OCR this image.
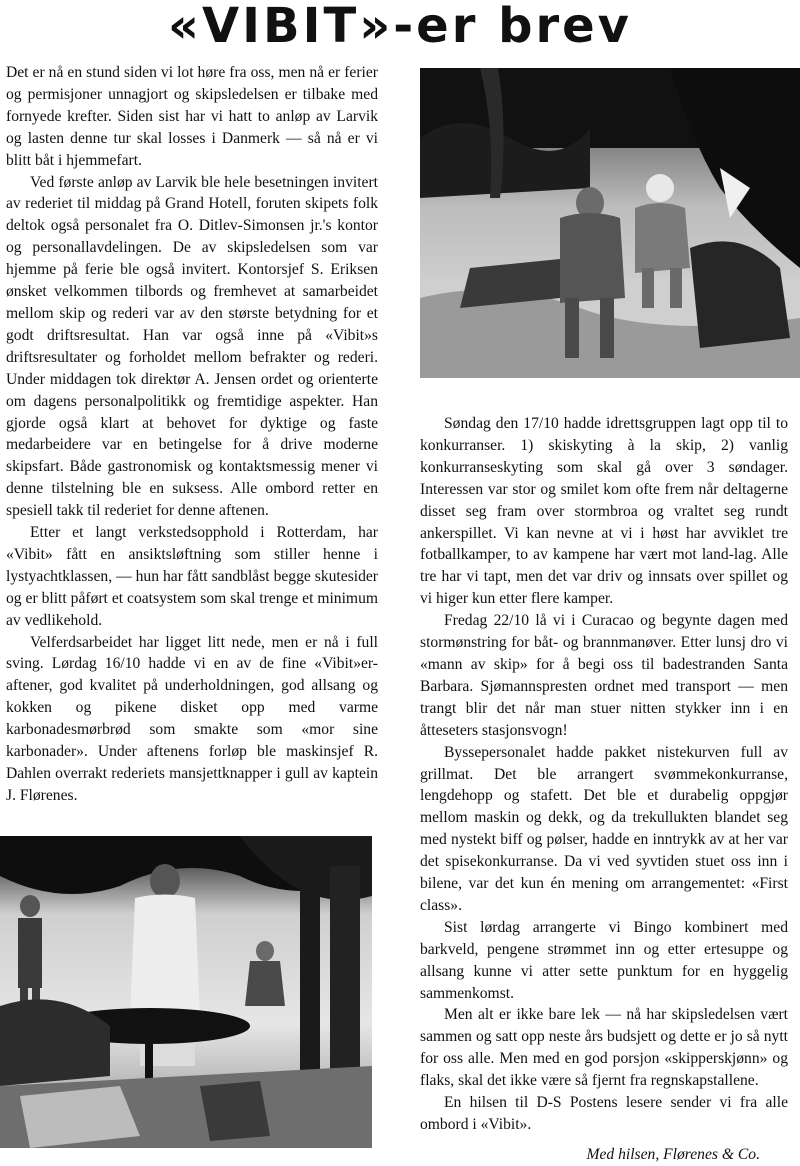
«VIBIT»-er brev

Det er nå en stund siden vi lot høre fra oss, men nå er ferier og permisjoner unnagjort og skipsledelsen er tilbake med fornyede krefter. Siden sist har vi hatt to anløp av Larvik og lasten denne tur skal losses i Danmerk — så nå er vi blitt båt i hjemmefart.

Ved første anløp av Larvik ble hele besetningen invitert av rederiet til middag på Grand Hotell, foruten skipets folk deltok også personalet fra O. Ditlev-Simonsen jr.'s kontor og personallavdelingen. De av skipsledelsen som var hjemme på ferie ble også invitert. Kontorsjef S. Eriksen ønsket velkommen tilbords og fremhevet at samarbeidet mellom skip og rederi var av den største betydning for et godt driftsresultat. Han var også inne på «Vibit»s driftsresultater og forholdet mellom befrakter og rederi. Under middagen tok direktør A. Jensen ordet og orienterte om dagens personalpolitikk og fremtidige aspekter. Han gjorde også klart at behovet for dyktige og faste medarbeidere var en betingelse for å drive moderne skipsfart. Både gastronomisk og kontaktsmessig mener vi denne tilstelning ble en suksess. Alle ombord retter en spesiell takk til rederiet for denne aftenen.

Etter et langt verkstedsopphold i Rotterdam, har «Vibit» fått en ansiktsløftning som stiller henne i lystyachtklassen, — hun har fått sandblåst begge skutesider og er blitt påført et coatsystem som skal trenge et minimum av vedlikehold.

Velferdsarbeidet har ligget litt nede, men er nå i full sving. Lørdag 16/10 hadde vi en av de fine «Vibit»er-aftener, god kvalitet på underholdningen, god allsang og kokken og pikene disket opp med varme karbonadesmørbrød som smakte som «mor sine karbonader». Under aftenens forløp ble maskinsjef R. Dahlen overrakt rederiets mansjettknapper i gull av kaptein J. Flørenes.

Søndag den 17/10 hadde idrettsgruppen lagt opp til to konkurranser. 1) skiskyting à la skip, 2) vanlig konkurranseskyting som skal gå over 3 søndager. Interessen var stor og smilet kom ofte frem når deltagerne disset seg fram over stormbroa og vraltet seg rundt ankerspillet. Vi kan nevne at vi i høst har avviklet tre fotballkamper, to av kampene har vært mot land-lag. Alle tre har vi tapt, men det var driv og innsats over spillet og vi higer kun etter flere kamper.

Fredag 22/10 lå vi i Curacao og begynte dagen med stormønstring for båt- og brannmanøver. Etter lunsj dro vi «mann av skip» for å begi oss til badestranden Santa Barbara. Sjømannspresten ordnet med transport — men trangt blir det når man stuer nitten stykker inn i en åtteseters stasjonsvogn!

Byssepersonalet hadde pakket nistekurven full av grillmat. Det ble arrangert svømmekonkurranse, lengdehopp og stafett. Det ble et durabelig oppgjør mellom maskin og dekk, og da trekullukten blandet seg med nystekt biff og pølser, hadde en inntrykk av at her var det spisekonkurranse. Da vi ved syvtiden stuet oss inn i bilene, var det kun én mening om arrangementet: «First class».

Sist lørdag arrangerte vi Bingo kombinert med barkveld, pengene strømmet inn og etter ertesuppe og allsang kunne vi atter sette punktum for en hyggelig sammenkomst.

Men alt er ikke bare lek — nå har skipsledelsen vært sammen og satt opp neste års budsjett og dette er jo så nytt for oss alle. Men med en god porsjon «skipperskjønn» og flaks, skal det ikke være så fjernt fra regnskapstallene.

En hilsen til D-S Postens lesere sender vi fra alle ombord i «Vibit».

Med hilsen, Flørenes & Co.
